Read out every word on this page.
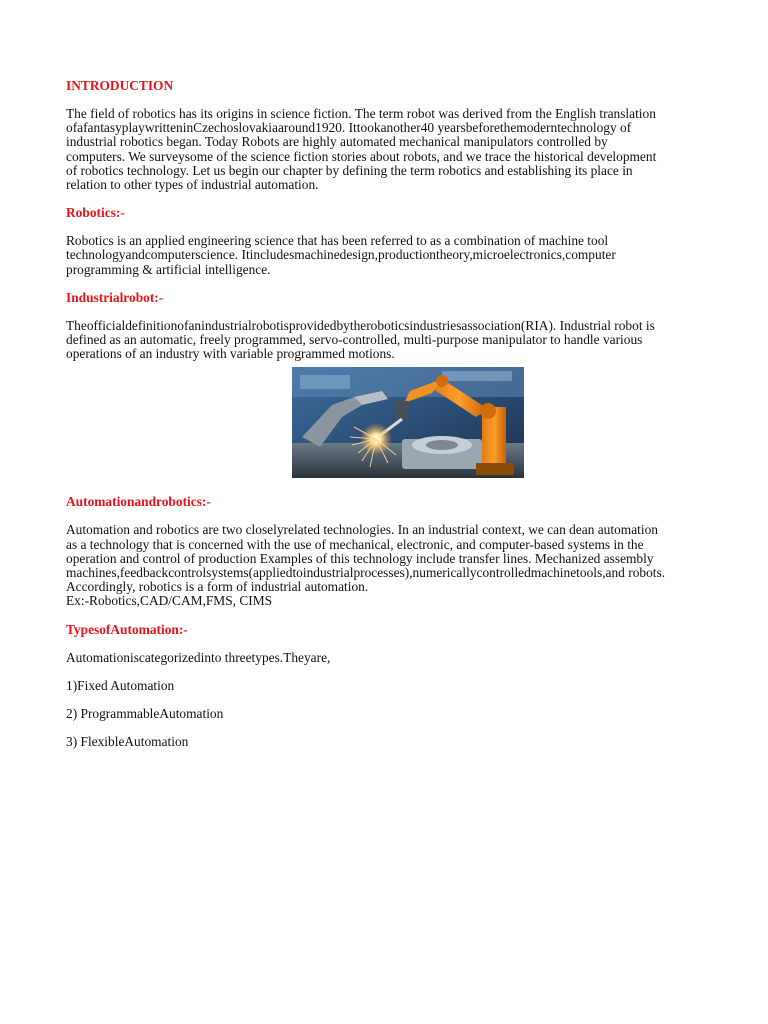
INTRODUCTION
The field of robotics has its origins in science fiction. The term robot was derived from the English translation
ofafantasyplaywritteninCzechoslovakiaaround1920. Ittookanother40 yearsbeforethemoderntechnology of
industrial robotics began. Today Robots are highly automated mechanical manipulators controlled by
computers. We surveysome of the science fiction stories about robots, and we trace the historical development
of robotics technology. Let us begin our chapter by defining the term robotics and establishing its place in
relation to other types of industrial automation.
Robotics:-
Robotics is an applied engineering science that has been referred to as a combination of machine tool
technologyandcomputerscience. Itincludesmachinedesign,productiontheory,microelectronics,computer
programming & artificial intelligence.
Industrialrobot:-
Theofficialdefinitionofanindustrialrobotisprovidedbytheroboticsindustriesassociation(RIA). Industrial robot is
defined as an automatic, freely programmed, servo-controlled, multi-purpose manipulator to handle various
operations of an industry with variable programmed motions.
Automationandrobotics:-
Automation and robotics are two closelyrelated technologies. In an industrial context, we can dean automation
as a technology that is concerned with the use of mechanical, electronic, and computer-based systems in the
operation and control of production Examples of this technology include transfer lines. Mechanized assembly
machines,feedbackcontrolsystems(appliedtoindustrialprocesses),numericallycontrolledmachinetools,and robots.
Accordingly, robotics is a form of industrial automation.
Ex:-Robotics,CAD/CAM,FMS, CIMS
TypesofAutomation:-
Automationiscategorizedinto threetypes.Theyare,
1)Fixed Automation
2) ProgrammableAutomation
3) FlexibleAutomation
